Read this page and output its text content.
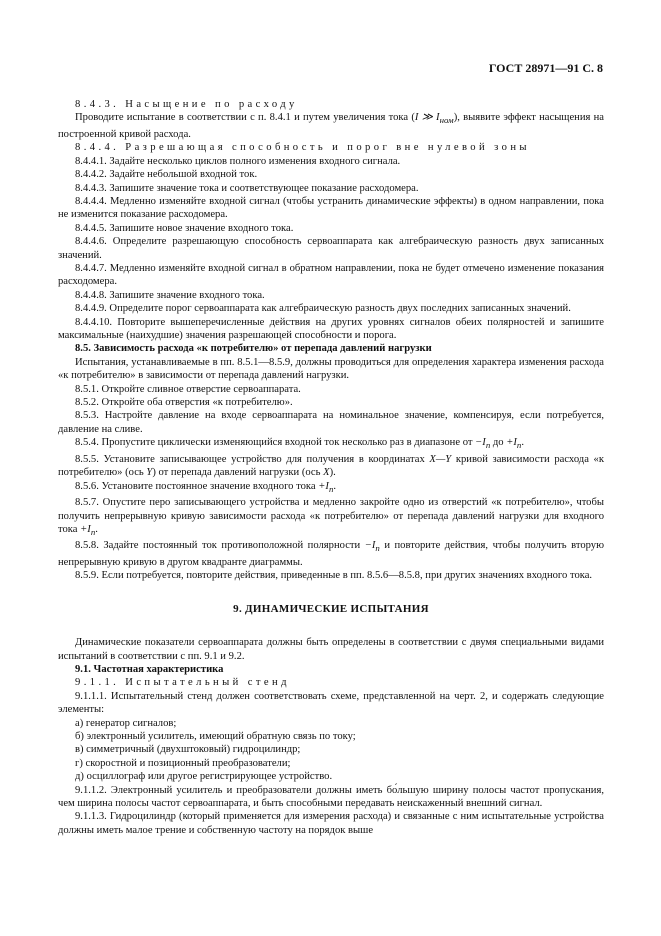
ГОСТ 28971—91 С. 8

8.4.3. Насыщение по расходу

Проводите испытание в соответствии с п. 8.4.1 и путем увеличения тока (I ≫ $I_{ном}$), выявите эффект насыщения на построенной кривой расхода.

8.4.4. Разрешающая способность и порог вне нулевой зоны

8.4.4.1. Задайте несколько циклов полного изменения входного сигнала.

8.4.4.2. Задайте небольшой входной ток.

8.4.4.3. Запишите значение тока и соответствующее показание расходомера.

8.4.4.4. Медленно изменяйте входной сигнал (чтобы устранить динамические эффекты) в одном направлении, пока не изменится показание расходомера.

8.4.4.5. Запишите новое значение входного тока.

8.4.4.6. Определите разрешающую способность сервоаппарата как алгебраическую разность двух записанных значений.

8.4.4.7. Медленно изменяйте входной сигнал в обратном направлении, пока не будет отмечено изменение показания расходомера.

8.4.4.8. Запишите значение входного тока.

8.4.4.9. Определите порог сервоаппарата как алгебраическую разность двух последних записанных значений.

8.4.4.10. Повторите вышеперечисленные действия на других уровнях сигналов обеих полярностей и запишите максимальные (наихудшие) значения разрешающей способности и порога.

8.5. Зависимость расхода «к потребителю» от перепада давлений нагрузки

Испытания, устанавливаемые в пп. 8.5.1—8.5.9, должны проводиться для определения характера изменения расхода «к потребителю» в зависимости от перепада давлений нагрузки.

8.5.1. Откройте сливное отверстие сервоаппарата.

8.5.2. Откройте оба отверстия «к потребителю».

8.5.3. Настройте давление на входе сервоаппарата на номинальное значение, компенсируя, если потребуется, давление на сливе.

8.5.4. Пропустите циклически изменяющийся входной ток несколько раз в диапазоне от $-I_n$ до $+I_n$.

8.5.5. Установите записывающее устройство для получения в координатах X—Y кривой зависимости расхода «к потребителю» (ось Y) от перепада давлений нагрузки (ось X).

8.5.6. Установите постоянное значение входного тока $+I_n$.

8.5.7. Опустите перо записывающего устройства и медленно закройте одно из отверстий «к потребителю», чтобы получить непрерывную кривую зависимости расхода «к потребителю» от перепада давлений нагрузки для входного тока $+I_n$.

8.5.8. Задайте постоянный ток противоположной полярности $-I_n$ и повторите действия, чтобы получить вторую непрерывную кривую в другом квадранте диаграммы.

8.5.9. Если потребуется, повторите действия, приведенные в пп. 8.5.6—8.5.8, при других значениях входного тока.

9. ДИНАМИЧЕСКИЕ ИСПЫТАНИЯ

Динамические показатели сервоаппарата должны быть определены в соответствии с двумя специальными видами испытаний в соответствии с пп. 9.1 и 9.2.

9.1. Частотная характеристика

9.1.1. Испытательный стенд

9.1.1.1. Испытательный стенд должен соответствовать схеме, представленной на черт. 2, и содержать следующие элементы:

а) генератор сигналов;

б) электронный усилитель, имеющий обратную связь по току;

в) симметричный (двухштоковый) гидроцилиндр;

г) скоростной и позиционный преобразователи;

д) осциллограф или другое регистрирующее устройство.

9.1.1.2. Электронный усилитель и преобразователи должны иметь бо́льшую ширину полосы частот пропускания, чем ширина полосы частот сервоаппарата, и быть способными передавать неискаженный внешний сигнал.

9.1.1.3. Гидроцилиндр (который применяется для измерения расхода) и связанные с ним испытательные устройства должны иметь малое трение и собственную частоту на порядок выше
